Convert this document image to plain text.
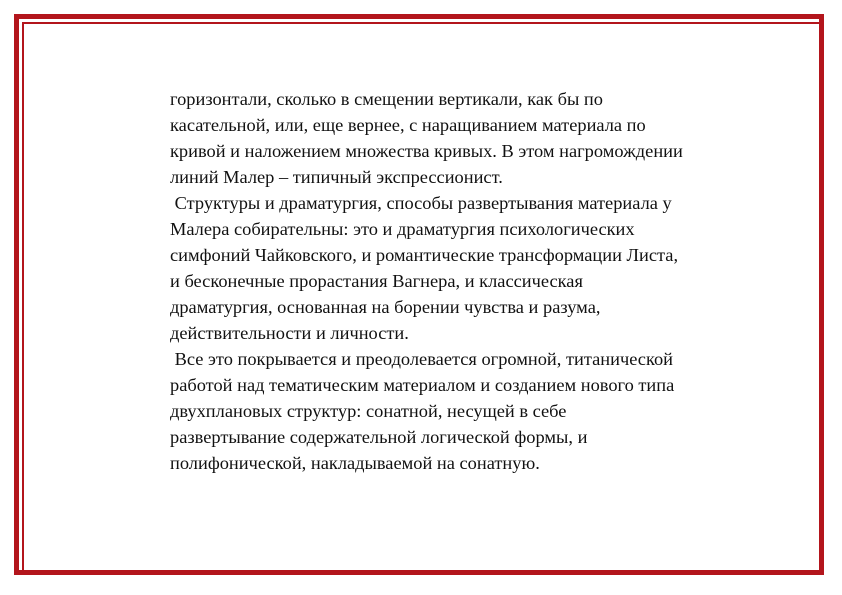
горизонтали, сколько в смещении вертикали, как бы по
касательной, или, еще вернее, с наращиванием материала по
кривой и наложением множества кривых. В этом нагромождении
линий Малер – типичный экспрессионист.
Структуры и драматургия, способы развертывания материала у
Малера собирательны: это и драматургия психологических
симфоний Чайковского, и романтические трансформации Листа,
и бесконечные прорастания Вагнера, и классическая
драматургия, основанная на борении чувства и разума,
действительности и личности.
Все это покрывается и преодолевается огромной, титанической
работой над тематическим материалом и созданием нового типа
двухплановых структур: сонатной, несущей в себе
развертывание содержательной логической формы, и
полифонической, накладываемой на сонатную.
